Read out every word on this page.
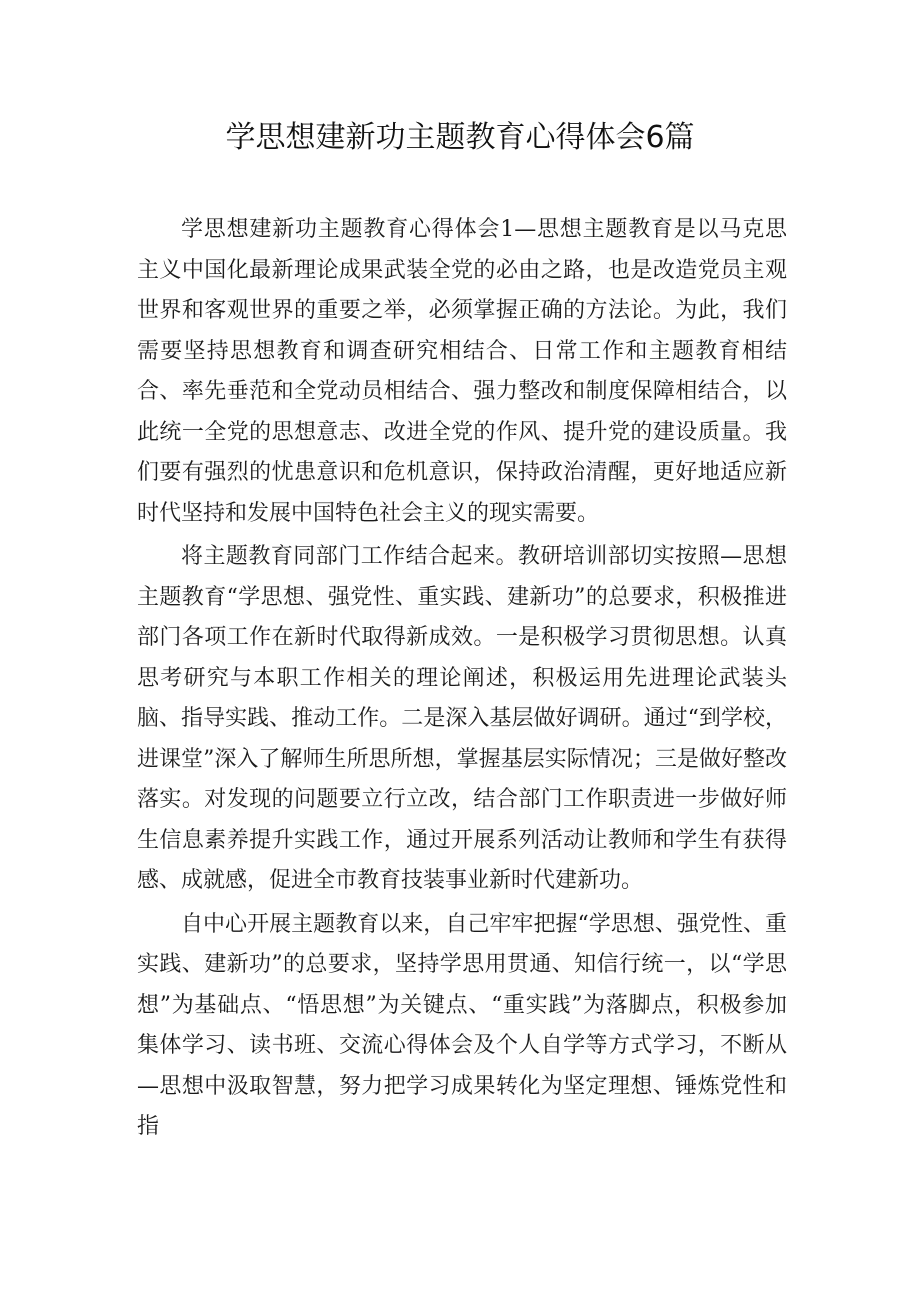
学思想建新功主题教育心得体会6篇

学思想建新功主题教育心得体会1—思想主题教育是以马克思主义中国化最新理论成果武装全党的必由之路，也是改造党员主观世界和客观世界的重要之举，必须掌握正确的方法论。为此，我们需要坚持思想教育和调查研究相结合、日常工作和主题教育相结合、率先垂范和全党动员相结合、强力整改和制度保障相结合，以此统一全党的思想意志、改进全党的作风、提升党的建设质量。我们要有强烈的忧患意识和危机意识，保持政治清醒，更好地适应新时代坚持和发展中国特色社会主义的现实需要。

将主题教育同部门工作结合起来。教研培训部切实按照—思想主题教育“学思想、强党性、重实践、建新功”的总要求，积极推进部门各项工作在新时代取得新成效。一是积极学习贯彻思想。认真思考研究与本职工作相关的理论阐述，积极运用先进理论武装头脑、指导实践、推动工作。二是深入基层做好调研。通过“到学校，进课堂”深入了解师生所思所想，掌握基层实际情况；三是做好整改落实。对发现的问题要立行立改，结合部门工作职责进一步做好师生信息素养提升实践工作，通过开展系列活动让教师和学生有获得感、成就感，促进全市教育技装事业新时代建新功。

自中心开展主题教育以来，自己牢牢把握“学思想、强党性、重实践、建新功”的总要求，坚持学思用贯通、知信行统一，以“学思想”为基础点、“悟思想”为关键点、“重实践”为落脚点，积极参加集体学习、读书班、交流心得体会及个人自学等方式学习，不断从—思想中汲取智慧，努力把学习成果转化为坚定理想、锤炼党性和指
